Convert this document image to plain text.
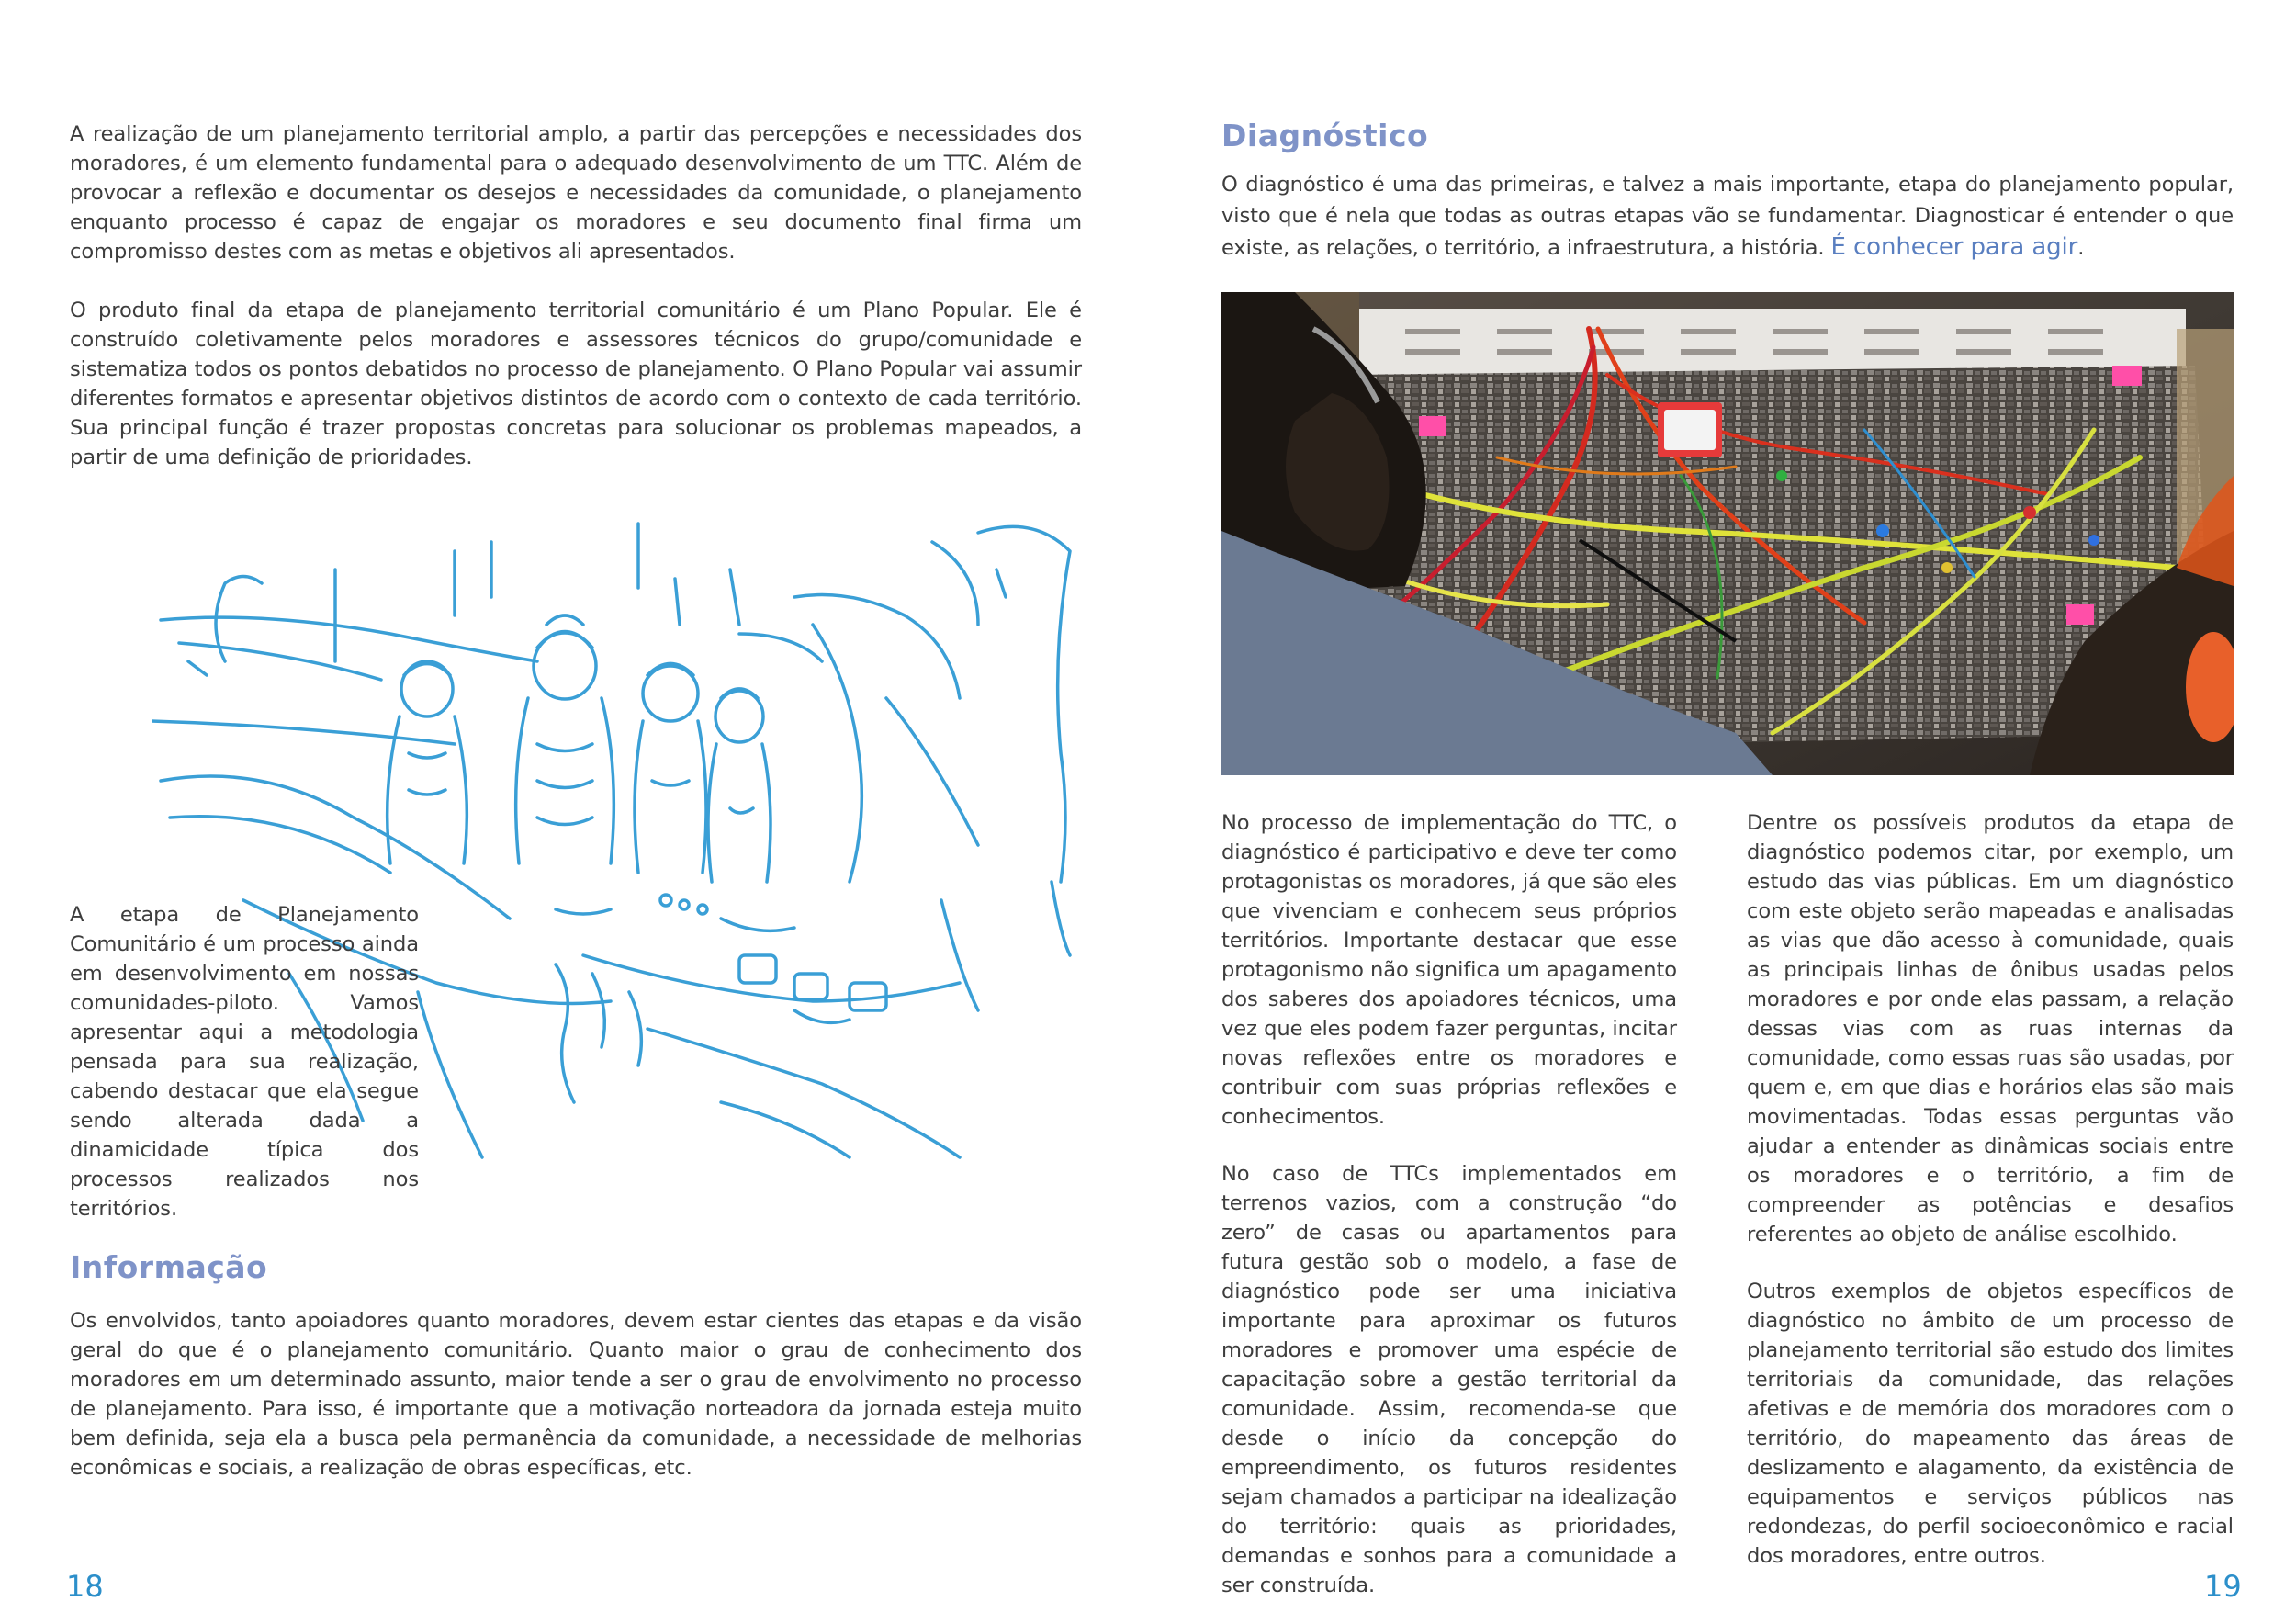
A realização de um planejamento territorial amplo, a partir das percepções e necessidades dos moradores, é um elemento fundamental para o adequado desenvolvimento de um TTC. Além de provocar a reflexão e documentar os desejos e necessidades da comunidade, o planejamento enquanto processo é capaz de engajar os moradores e seu documento final firma um compromisso destes com as metas e objetivos ali apresentados.

O produto final da etapa de planejamento territorial comunitário é um Plano Popular. Ele é construído coletivamente pelos moradores e assessores técnicos do grupo/comunidade e sistematiza todos os pontos debatidos no processo de planejamento. O Plano Popular vai assumir diferentes formatos e apresentar objetivos distintos de acordo com o contexto de cada território. Sua principal função é trazer propostas concretas para solucionar os problemas mapeados, a partir de uma definição de prioridades.

A etapa de Planejamento Comunitário é um processo ainda em desenvolvimento em nossas comunidades-piloto. Vamos apresentar aqui a metodologia pensada para sua realização, cabendo destacar que ela segue sendo alterada dada a dinamicidade típica dos processos realizados nos territórios.

Informação

Os envolvidos, tanto apoiadores quanto moradores, devem estar cientes das etapas e da visão geral do que é o planejamento comunitário. Quanto maior o grau de conhecimento dos moradores em um determinado assunto, maior tende a ser o grau de envolvimento no processo de planejamento. Para isso, é importante que a motivação norteadora da jornada esteja muito bem definida, seja ela a busca pela permanência da comunidade, a necessidade de melhorias econômicas e sociais, a realização de obras específicas, etc.

18
Diagnóstico

O diagnóstico é uma das primeiras, e talvez a mais importante, etapa do planejamento popular, visto que é nela que todas as outras etapas vão se fundamentar. Diagnosticar é entender o que existe, as relações, o território, a infraestrutura, a história. É conhecer para agir.

No processo de implementação do TTC, o diagnóstico é participativo e deve ter como protagonistas os moradores, já que são eles que vivenciam e conhecem seus próprios territórios. Importante destacar que esse protagonismo não significa um apagamento dos saberes dos apoiadores técnicos, uma vez que eles podem fazer perguntas, incitar novas reflexões entre os moradores e contribuir com suas próprias reflexões e conhecimentos.

No caso de TTCs implementados em terrenos vazios, com a construção “do zero” de casas ou apartamentos para futura gestão sob o modelo, a fase de diagnóstico pode ser uma iniciativa importante para aproximar os futuros moradores e promover uma espécie de capacitação sobre a gestão territorial da comunidade. Assim, recomenda-se que desde o início da concepção do empreendimento, os futuros residentes sejam chamados a participar na idealização do território: quais as prioridades, demandas e sonhos para a comunidade a ser construída.

Dentre os possíveis produtos da etapa de diagnóstico podemos citar, por exemplo, um estudo das vias públicas. Em um diagnóstico com este objeto serão mapeadas e analisadas as vias que dão acesso à comunidade, quais as principais linhas de ônibus usadas pelos moradores e por onde elas passam, a relação dessas vias com as ruas internas da comunidade, como essas ruas são usadas, por quem e, em que dias e horários elas são mais movimentadas. Todas essas perguntas vão ajudar a entender as dinâmicas sociais entre os moradores e o território, a fim de compreender as potências e desafios referentes ao objeto de análise escolhido.

Outros exemplos de objetos específicos de diagnóstico no âmbito de um processo de planejamento territorial são estudo dos limites territoriais da comunidade, das relações afetivas e de memória dos moradores com o território, do mapeamento das áreas de deslizamento e alagamento, da existência de equipamentos e serviços públicos nas redondezas, do perfil socioeconômico e racial dos moradores, entre outros.

19
